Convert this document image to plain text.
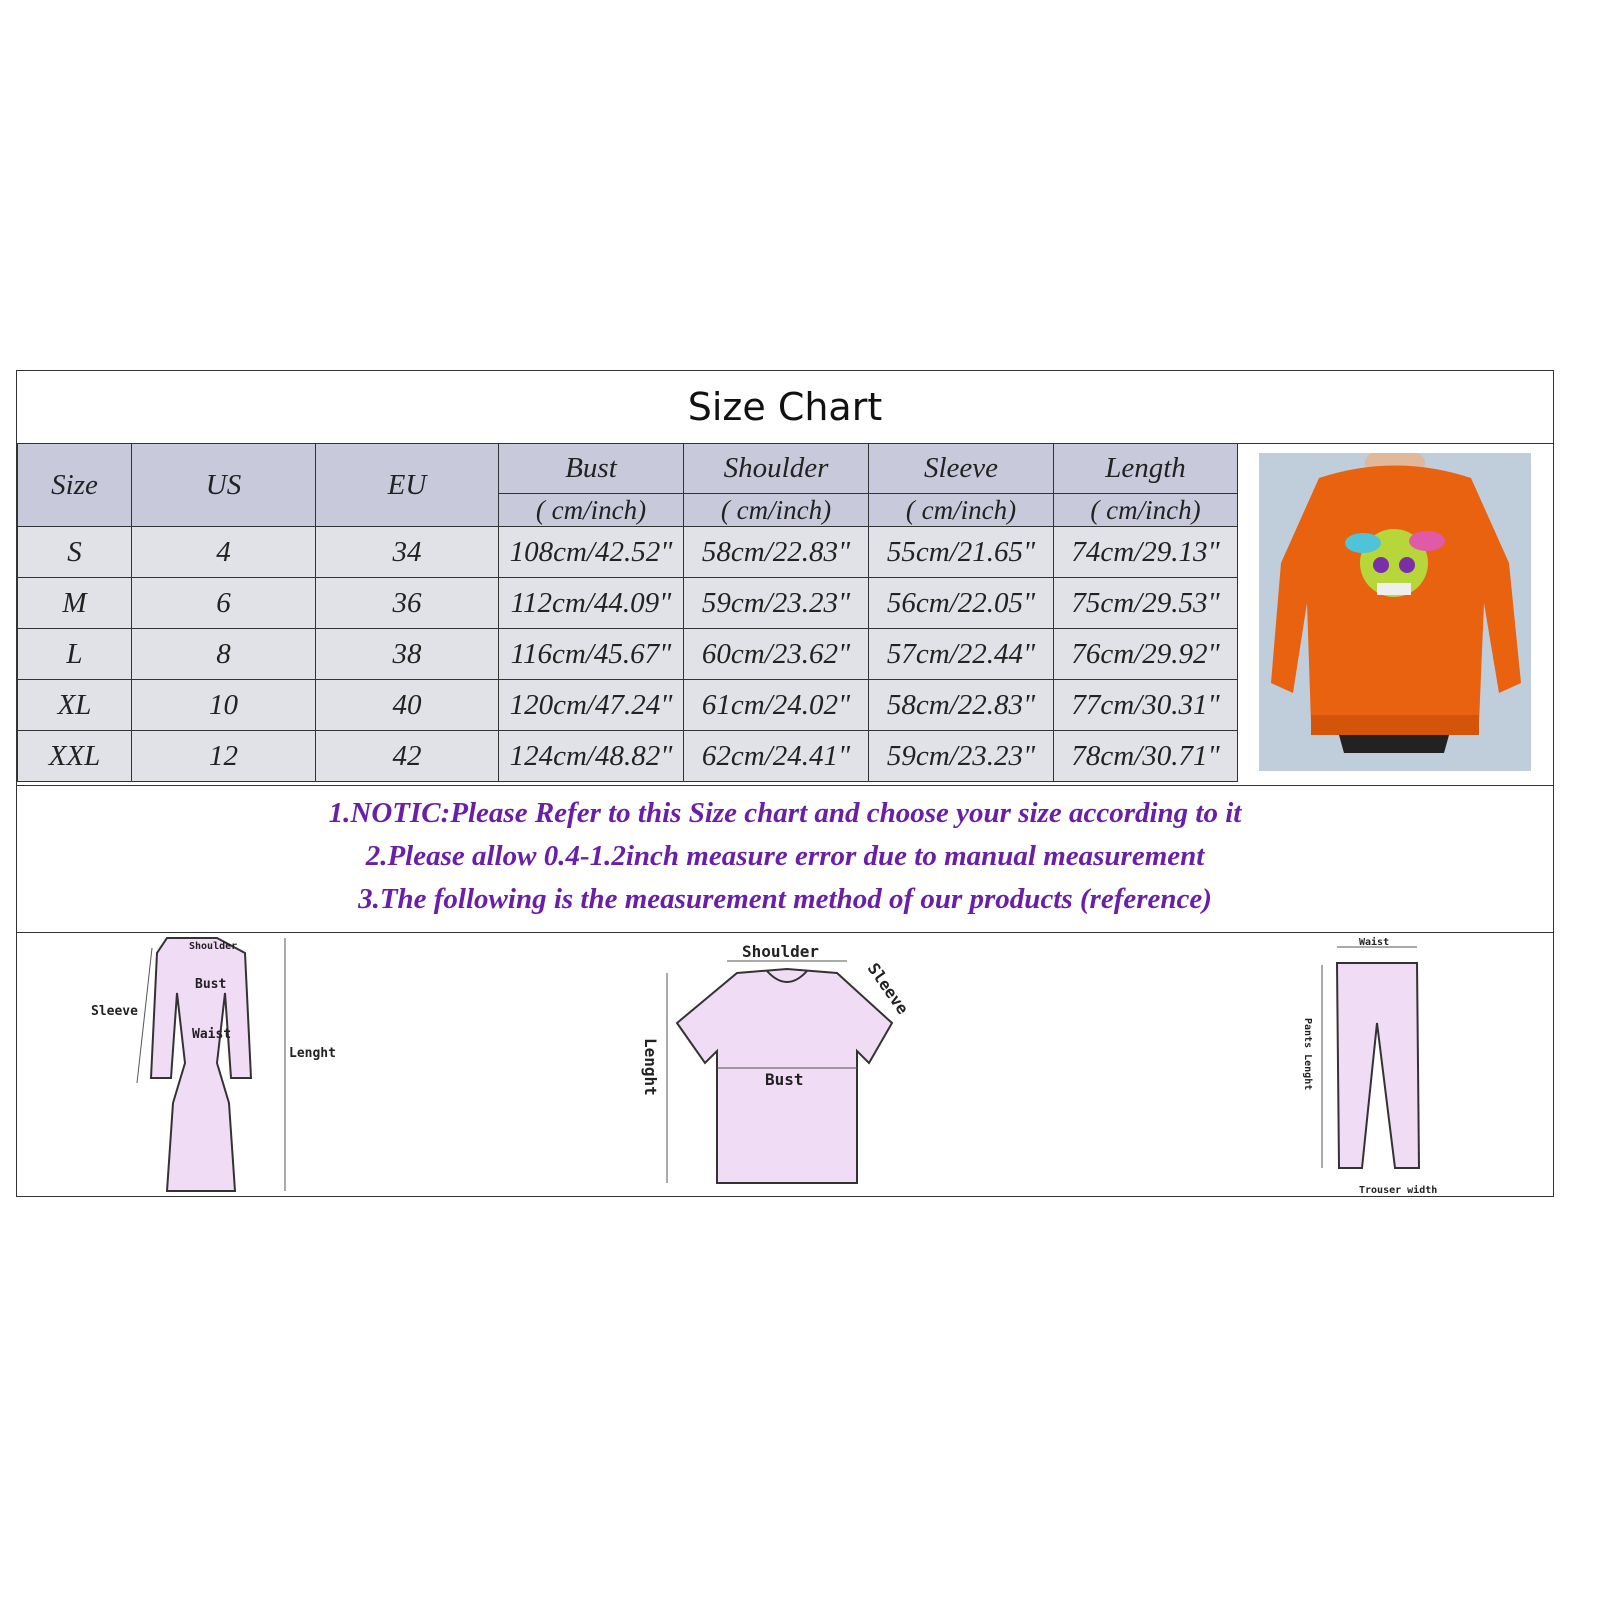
Size Chart
Size	US	EU	Bust	Shoulder	Sleeve	Length
			( cm/inch)	( cm/inch)	( cm/inch)	( cm/inch)
S	4	34	108cm/42.52"	58cm/22.83"	55cm/21.65"	74cm/29.13"
M	6	36	112cm/44.09"	59cm/23.23"	56cm/22.05"	75cm/29.53"
L	8	38	116cm/45.67"	60cm/23.62"	57cm/22.44"	76cm/29.92"
XL	10	40	120cm/47.24"	61cm/24.02"	58cm/22.83"	77cm/30.31"
XXL	12	42	124cm/48.82"	62cm/24.41"	59cm/23.23"	78cm/30.71"
1.NOTIC:Please Refer to this Size chart and choose your size according to it
2.Please allow 0.4-1.2inch measure error due to manual measurement
3.The following is the measurement method of our products (reference)
Shoulder
Bust
Waist
Sleeve
Lenght
Shoulder
Sleeve
Bust
Lenght
Waist
Pants Lenght
Trouser width
